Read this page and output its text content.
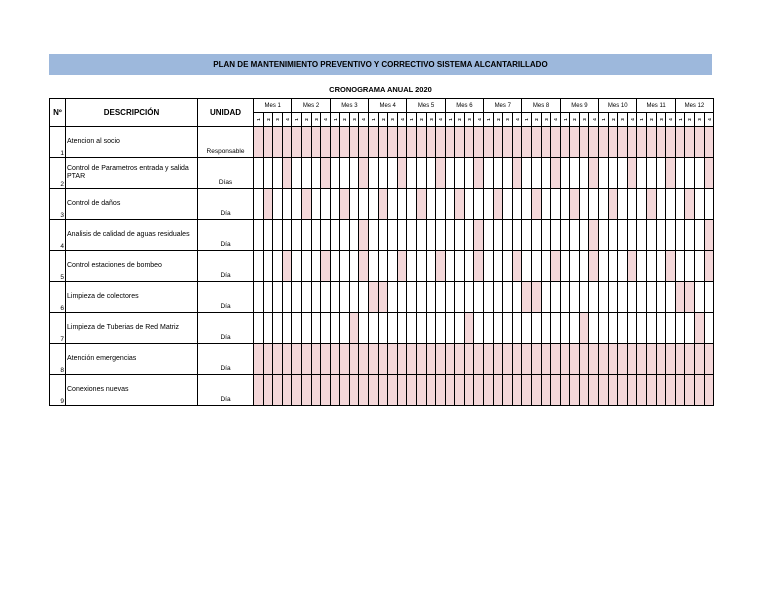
PLAN DE MANTENIMIENTO PREVENTIVO Y CORRECTIVO SISTEMA ALCANTARILLADO
CRONOGRAMA ANUAL 2020
Nº	DESCRIPCIÓN	UNIDAD	Mes 1				Mes 2				Mes 3				Mes 4				Mes 5				Mes 6				Mes 7				Mes 8				Mes 9				Mes 10				Mes 11				Mes 12			
			1	2	3	4	1	2	3	4	1	2	3	4	1	2	3	4	1	2	3	4	1	2	3	4	1	2	3	4	1	2	3	4	1	2	3	4	1	2	3	4	1	2	3	4	1	2	3	4
1	Atencion al socio	Responsable																																																
2	Control de Parametros entrada y salida PTAR	Días																																																
3	Control de daños	Día																																																
4	Analisis de calidad de aguas residuales	Día																																																
5	Control estaciones de bombeo	Día																																																
6	Limpieza de colectores	Día																																																
7	Limpieza de Tuberias de Red Matriz	Día																																																
8	Atención emergencias	Día																																																
9	Conexiones nuevas	Día																																																
